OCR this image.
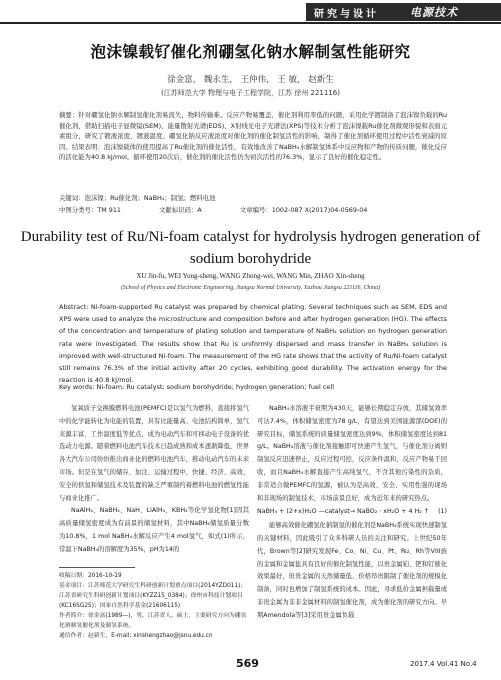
研究与设计	电源技术
泡沫镍载钌催化剂硼氢化钠水解制氢性能研究
徐金富， 魏永生， 王仲伟， 王 敏， 赵新生
(江苏师范大学 物理与电子工程学院，江苏 徐州 221116)
摘要：针对硼氢化钠水解制氢催化剂易流失、物料传输难、反应产物易覆盖、催化剂利用率低的问题，采用化学镀制备了泡沫镍负载的Ru催化剂，借助扫描电子显微镜(SEM)、能量散射光谱(EDS)、X射线光电子光谱法(XPS)等技术分析了泡沫镍载Ru催化剂微观形貌和表面元素组分，研究了镀液浓度、镀液温度、硼氢化钠反应液浓度对催化剂的催化制氢活性的影响，制得了催化剂循环使用过程中活性衰减的原因。结果表明：泡沫镍载体的使用提高了Ru催化剂的催化活性，有效地改善了NaBH₄水解制氢体系中反应物和产物的传质问题，催化反应的活化能为40.8 kJ/mol。循环使用20次后，催化剂的催化活性仍为初次活性的76.3%，显示了良好的催化稳定性。
关键词：泡沫镍；Ru催化剂；NaBH₄；制氢；燃料电池
中图分类号：TM 911	文献标识码：A	文章编号：1002-087 X(2017)04-0569-04
Durability test of Ru/Ni-foam catalyst for hydrolysis hydrogen generation of sodium borohydride
XU Jin-fu, WEI Yong-sheng, WANG Zhong-wei, WANG Min, ZHAO Xin-sheng
(School of Physics and Electronic Engineering, Jiangsu Normal University, Xuzhou Jiangsu 221116, China)
Abstract: Ni-foam-supported Ru catalyst was prepared by chemical plating. Several techniques such as SEM, EDS and XPS were used to analyze the microstructure and composition before and after hydrogen generation (HG). The effects of the concentration and temperature of plating solution and temperature of NaBH₄ solution on hydrogen generation rate were investigated. The results show that Ru is uniformly dispersed and mass transfer in NaBH₄ solution is improved with well-structured Ni-foam. The measurement of the HG rate shows that the activity of Ru/Ni-foam catalyst still remains 76.3% of the initial activity after 20 cycles, exhibiting good durability. The activation energy for the reaction is 40.8 kJ/mol.
Key words: Ni-foam; Ru catalyst; sodium borohydride; hydrogen generation; fuel cell

氢氧质子交换膜燃料电池(PEMFC)是以氢气为燃料，直接将氢气中的化学能转化为电能的装置，具有比能量高、电池结构简单、氢气来源丰富、工作温度低等优点，成为电动汽车和可移动电子设备的优选动力电源。随着燃料电池汽车技术日趋成熟和成本逐渐降低，世界各大汽车公司纷纷推出商业化的燃料电池汽车，推动电动汽车的未来市场。但是在氢气的储存、加注、运输过程中，快捷、经济、高效、安全的供氢和储氢技术及装置的缺乏严重制约着燃料电池的燃氢性能与商业化推广。

NaAlH₄、NaBH₄、NaH、LiAlH₄、KBH₄等化学氢化物[1]因其高质量储氢密度成为有前景的储氢材料，其中NaBH₄储氢质量分数为10.8%，1 mol NaBH₄水解反应产生4 mol氢气，如式(1)所示，常温下NaBH₄的溶解度为35%，pH为14的

NaBH₄水溶液半衰期为430天，能够长期稳定存放，其储氢效率可达7.4%，体积储氢密度为78 g/L，有望达到美国能源部(DOE)的研究目标，储氢系统的质量储氢密度达到9%，体积储氢密度达到81 g/L。NaBH₄溶液与催化剂接触即可快速产生氢气，与催化剂分离则制氢反应迅速停止，反应过程可控，反应条件温和，反应产物易于回收，而且NaBH₄水解直接产生高纯氢气，不含其他污染性的杂质，非常适合做PEMFC的氢源，被认为是高效、安全、实用性强的现场和非现场的制氢技术，市场前景良好，成为近年来的研究热点。

NaBH₄ + (2+x)H₂O —catalyst→ NaBO₂ · xH₂O + 4 H₂ ↑ (1)

能够高效催化硼氢化钠制氢的催化剂是NaBH₄系统实现快速制氢的关键材料，因此吸引了众多科研人员的关注和研究。上世纪50年代，Brown等[2]研究发现Fe、Co、Ni、Cu、Pt、Ru、Rh等VIII族的金属和金属盐具有良好的催化制氢性能，以贵金属铂、钯和钌催化效果最好，但贵金属的天然储量低、价格昂贵限制了催化剂的规模化制备，同时也增加了制氢系统的成本。因此，寻求低价金属担载量或非贵金属为非非金属材料的制氢催化剂，成为催化剂的研究方向。早期Amendola等[3]采用贵金属负载

收稿日期：2016-10-19
基金项目：江苏师范大学研究生科研创新计划重点项目(2014YZD011)；江苏省研究生科研创新计划项目(KYZZ15_0384)；徐州市科技计划项目(KC16SG25)；国家自然科学基金(21606115)
作者简介：徐金富(1989—)，男，江苏省人，硕士，主要研究方向为硼氢化钠制氢催化剂及制氢系统。
通信作者：赵新生，E-mail: xinshengzhao@jsnu.edu.cn
569	2017.4 Vol.41 No.4
